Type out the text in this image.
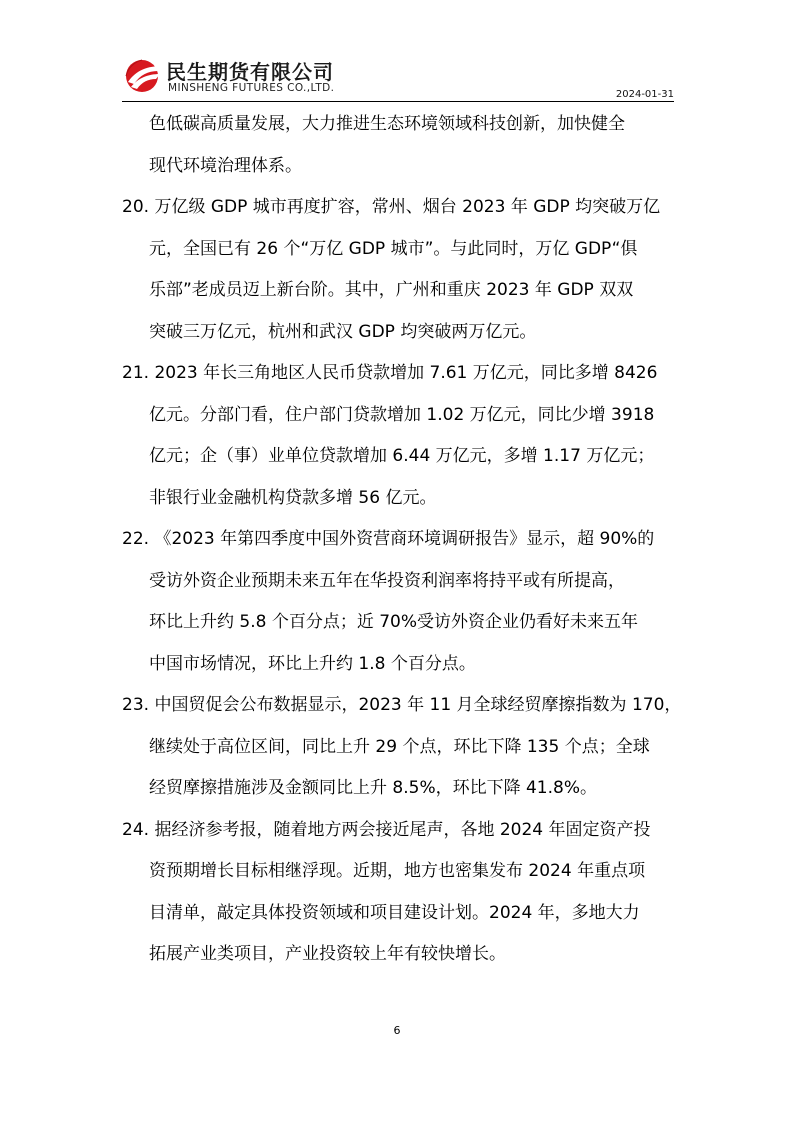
民生期货有限公司
MINSHENG FUTURES CO.,LTD.
2024-01-31
色低碳高质量发展，大力推进生态环境领域科技创新，加快健全
现代环境治理体系。
20. 万亿级 GDP 城市再度扩容，常州、烟台 2023 年 GDP 均突破万亿
元，全国已有 26 个“万亿 GDP 城市”。与此同时，万亿 GDP“俱
乐部”老成员迈上新台阶。其中，广州和重庆 2023 年 GDP 双双
突破三万亿元，杭州和武汉 GDP 均突破两万亿元。
21. 2023 年长三角地区人民币贷款增加 7.61 万亿元，同比多增 8426
亿元。分部门看，住户部门贷款增加 1.02 万亿元，同比少增 3918
亿元；企（事）业单位贷款增加 6.44 万亿元，多增 1.17 万亿元；
非银行业金融机构贷款多增 56 亿元。
22. 《2023 年第四季度中国外资营商环境调研报告》显示，超 90%的
受访外资企业预期未来五年在华投资利润率将持平或有所提高，
环比上升约 5.8 个百分点；近 70%受访外资企业仍看好未来五年
中国市场情况，环比上升约 1.8 个百分点。
23. 中国贸促会公布数据显示，2023 年 11 月全球经贸摩擦指数为 170，
继续处于高位区间，同比上升 29 个点，环比下降 135 个点；全球
经贸摩擦措施涉及金额同比上升 8.5%，环比下降 41.8%。
24. 据经济参考报，随着地方两会接近尾声，各地 2024 年固定资产投
资预期增长目标相继浮现。近期，地方也密集发布 2024 年重点项
目清单，敲定具体投资领域和项目建设计划。2024 年，多地大力
拓展产业类项目，产业投资较上年有较快增长。
6
